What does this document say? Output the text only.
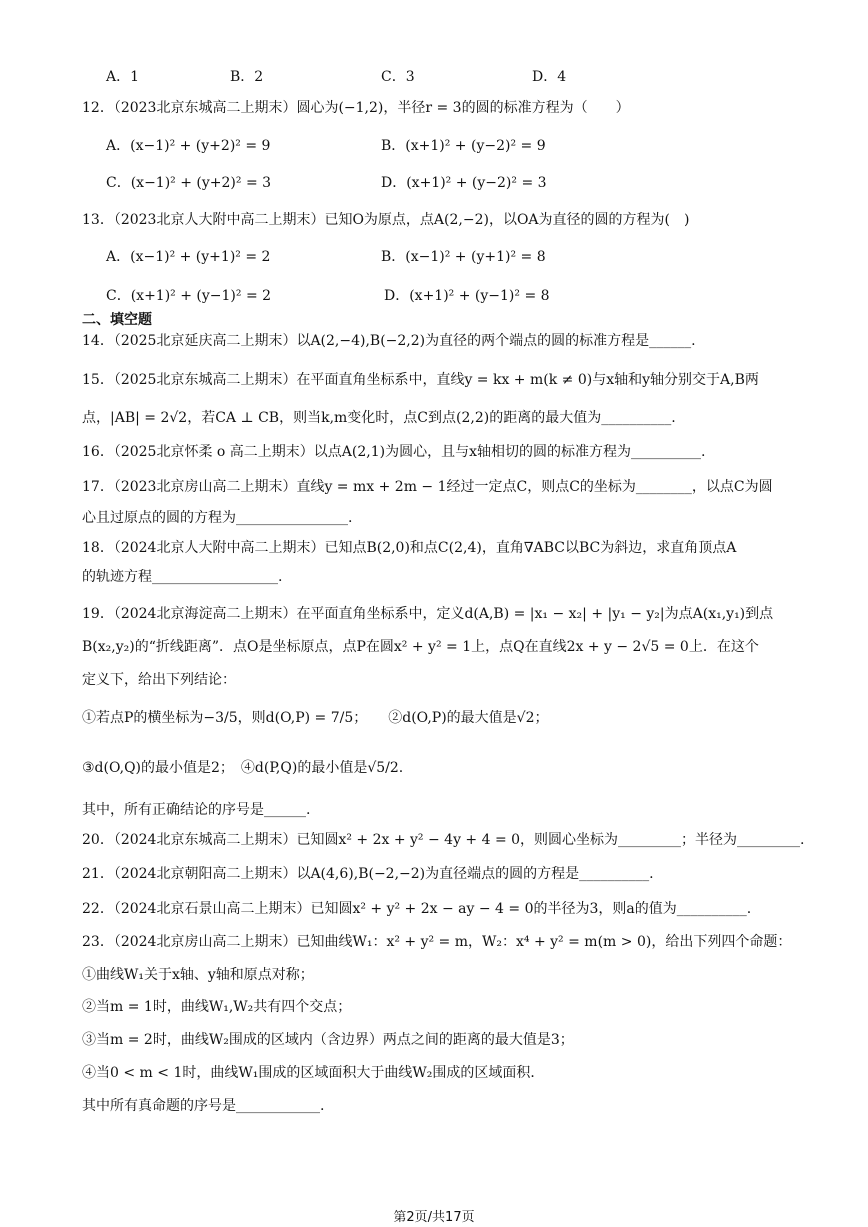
A．1	B．2	C．3	D．4
12．（2023北京东城高二上期末）圆心为(−1,2)，半径r = 3的圆的标准方程为（　　）
A．(x−1)² + (y+2)² = 9	B．(x+1)² + (y−2)² = 9
C．(x−1)² + (y+2)² = 3	D．(x+1)² + (y−2)² = 3
13．（2023北京人大附中高二上期末）已知O为原点，点A(2,−2)，以OA为直径的圆的方程为(　)
A．(x−1)² + (y+1)² = 2	B．(x−1)² + (y+1)² = 8
C．(x+1)² + (y−1)² = 2	D．(x+1)² + (y−1)² = 8
二、填空题
14．（2025北京延庆高二上期末）以A(2,−4),B(−2,2)为直径的两个端点的圆的标准方程是______.
15．（2025北京东城高二上期末）在平面直角坐标系中，直线y = kx + m(k ≠ 0)与x轴和y轴分别交于A,B两
点，|AB| = 2√2，若CA ⊥ CB，则当k,m变化时，点C到点(2,2)的距离的最大值为__________.
16．（2025北京怀柔 o 高二上期末）以点A(2,1)为圆心，且与x轴相切的圆的标准方程为__________.
17．（2023北京房山高二上期末）直线y = mx + 2m − 1经过一定点C，则点C的坐标为________，以点C为圆
心且过原点的圆的方程为________________.
18．（2024北京人大附中高二上期末）已知点B(2,0)和点C(2,4)，直角∇ABC以BC为斜边，求直角顶点A
的轨迹方程__________________.
19．（2024北京海淀高二上期末）在平面直角坐标系中，定义d(A,B) = |x₁ − x₂| + |y₁ − y₂|为点A(x₁,y₁)到点
B(x₂,y₂)的“折线距离”．点O是坐标原点，点P在圆x² + y² = 1上，点Q在直线2x + y − 2√5 = 0上．在这个
定义下，给出下列结论：
①若点P的横坐标为−3/5，则d(O,P) = 7/5；　　②d(O,P)的最大值是√2；
③d(O,Q)的最小值是2；　④d(P,Q)的最小值是√5/2.
其中，所有正确结论的序号是______.
20．（2024北京东城高二上期末）已知圆x² + 2x + y² − 4y + 4 = 0，则圆心坐标为_________；半径为_________.
21．（2024北京朝阳高二上期末）以A(4,6),B(−2,−2)为直径端点的圆的方程是__________.
22．（2024北京石景山高二上期末）已知圆x² + y² + 2x − ay − 4 = 0的半径为3，则a的值为__________.
23．（2024北京房山高二上期末）已知曲线W₁：x² + y² = m，W₂：x⁴ + y² = m(m > 0)，给出下列四个命题：
①曲线W₁关于x轴、y轴和原点对称；
②当m = 1时，曲线W₁,W₂共有四个交点；
③当m = 2时，曲线W₂围成的区域内（含边界）两点之间的距离的最大值是3；
④当0 < m < 1时，曲线W₁围成的区域面积大于曲线W₂围成的区域面积．
其中所有真命题的序号是____________.
第2页/共17页
